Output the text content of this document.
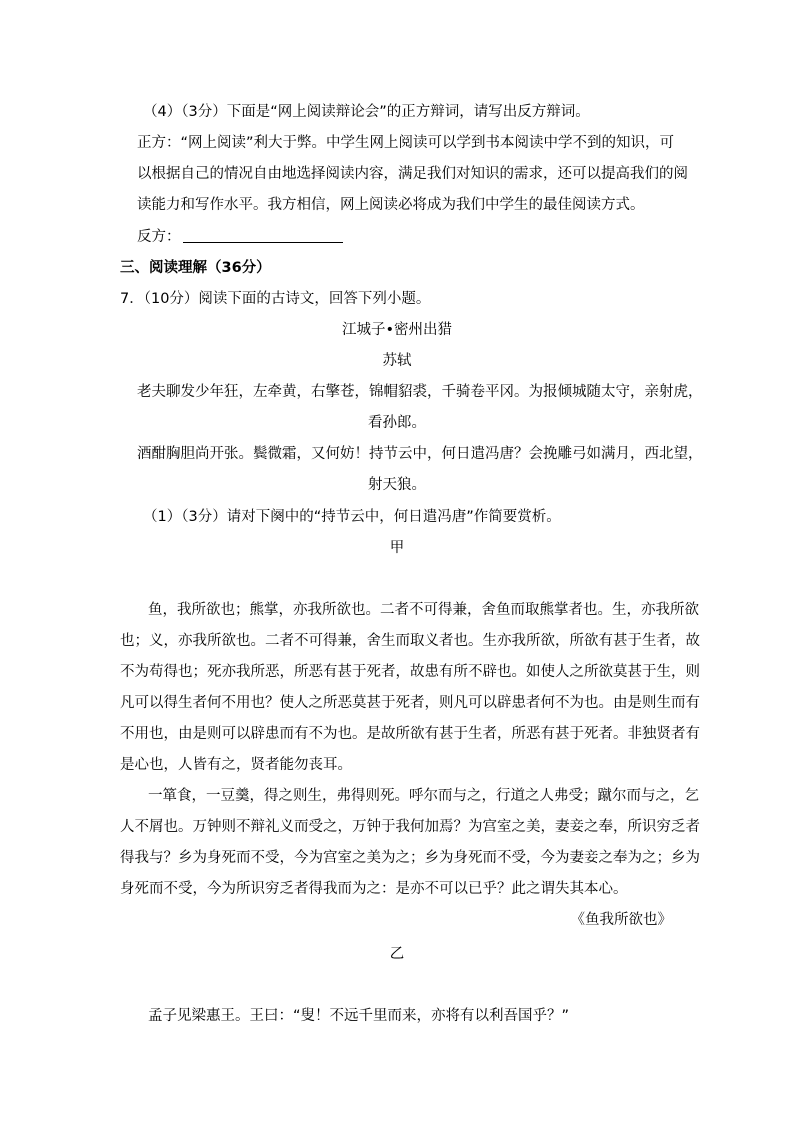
（4）（3分）下面是“网上阅读辩论会”的正方辩词，请写出反方辩词。
正方：“网上阅读”利大于弊。中学生网上阅读可以学到书本阅读中学不到的知识，可
以根据自己的情况自由地选择阅读内容，满足我们对知识的需求，还可以提高我们的阅
读能力和写作水平。我方相信，网上阅读必将成为我们中学生的最佳阅读方式。
反方：
三、阅读理解（36分）
7．（10分）阅读下面的古诗文，回答下列小题。
江城子•密州出猎
苏轼
老夫聊发少年狂，左牵黄，右擎苍，锦帽貂裘，千骑卷平冈。为报倾城随太守，亲射虎，
看孙郎。
酒酣胸胆尚开张。鬓微霜，又何妨！持节云中，何日遣冯唐？会挽雕弓如满月，西北望，
射天狼。
（1）（3分）请对下阕中的“持节云中，何日遣冯唐”作简要赏析。
甲
鱼，我所欲也；熊掌，亦我所欲也。二者不可得兼，舍鱼而取熊掌者也。生，亦我所欲
也；义，亦我所欲也。二者不可得兼，舍生而取义者也。生亦我所欲，所欲有甚于生者，故
不为苟得也；死亦我所恶，所恶有甚于死者，故患有所不辟也。如使人之所欲莫甚于生，则
凡可以得生者何不用也？使人之所恶莫甚于死者，则凡可以辟患者何不为也。由是则生而有
不用也，由是则可以辟患而有不为也。是故所欲有甚于生者，所恶有甚于死者。非独贤者有
是心也，人皆有之，贤者能勿丧耳。
一箪食，一豆羹，得之则生，弗得则死。呼尔而与之，行道之人弗受；蹴尔而与之，乞
人不屑也。万钟则不辩礼义而受之，万钟于我何加焉？为宫室之美，妻妾之奉，所识穷乏者
得我与？乡为身死而不受，今为宫室之美为之；乡为身死而不受，今为妻妾之奉为之；乡为
身死而不受，今为所识穷乏者得我而为之：是亦不可以已乎？此之谓失其本心。
《鱼我所欲也》
乙
孟子见梁惠王。王曰：“叟！不远千里而来，亦将有以利吾国乎？”
